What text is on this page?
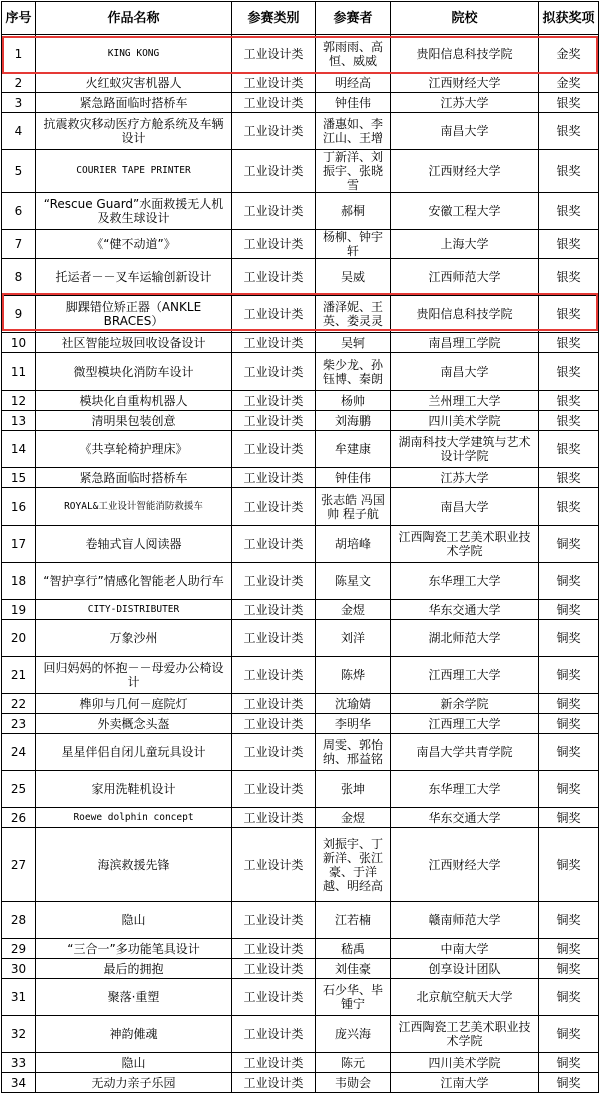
序号	作品名称	参赛类别	参赛者	院校	拟获奖项
1	KING KONG	工业设计类	郭雨雨、高恒、威威	贵阳信息科技学院	金奖
2	火红蚁灾害机器人	工业设计类	明经高	江西财经大学	金奖
3	紧急路面临时搭桥车	工业设计类	钟佳伟	江苏大学	银奖
4	抗震救灾移动医疗方舱系统及车辆设计	工业设计类	潘惠如、李江山、王增	南昌大学	银奖
5	COURIER TAPE PRINTER	工业设计类	丁新洋、刘振宇、张晓雪	江西财经大学	银奖
6	“Rescue Guard”水面救援无人机及救生球设计	工业设计类	郝桐	安徽工程大学	银奖
7	《“健不动道”》	工业设计类	杨柳、钟宇轩	上海大学	银奖
8	托运者－－叉车运输创新设计	工业设计类	吴威	江西师范大学	银奖
9	脚踝错位矫正器（ANKLE BRACES）	工业设计类	潘泽妮、王英、娄灵灵	贵阳信息科技学院	银奖
10	社区智能垃圾回收设备设计	工业设计类	吴轲	南昌理工学院	银奖
11	微型模块化消防车设计	工业设计类	柴少龙、孙钰博、秦朗	南昌大学	银奖
12	模块化自重构机器人	工业设计类	杨帅	兰州理工大学	银奖
13	清明果包装创意	工业设计类	刘海鹏	四川美术学院	银奖
14	《共享轮椅护理床》	工业设计类	牟建康	湖南科技大学建筑与艺术设计学院	银奖
15	紧急路面临时搭桥车	工业设计类	钟佳伟	江苏大学	银奖
16	ROYAL&工业设计智能消防救援车	工业设计类	张志皓 冯国帅 程子航	南昌大学	银奖
17	卷轴式盲人阅读器	工业设计类	胡培峰	江西陶瓷工艺美术职业技术学院	铜奖
18	“智护享行”情感化智能老人助行车	工业设计类	陈星文	东华理工大学	铜奖
19	CITY-DISTRIBUTER	工业设计类	金煜	华东交通大学	铜奖
20	万象沙州	工业设计类	刘洋	湖北师范大学	铜奖
21	回归妈妈的怀抱－－母爱办公椅设计	工业设计类	陈烨	江西理工大学	铜奖
22	榫卯与几何－庭院灯	工业设计类	沈瑜婧	新余学院	铜奖
23	外卖概念头盔	工业设计类	李明华	江西理工大学	铜奖
24	星星伴侣自闭儿童玩具设计	工业设计类	周雯、郭怡纳、邢益铭	南昌大学共青学院	铜奖
25	家用洗鞋机设计	工业设计类	张坤	东华理工大学	铜奖
26	Roewe dolphin concept	工业设计类	金煜	华东交通大学	铜奖
27	海滨救援先锋	工业设计类	刘振宇、丁新洋、张江豪、于洋越、明经高	江西财经大学	铜奖
28	隐山	工业设计类	江若楠	赣南师范大学	铜奖
29	“三合一”多功能笔具设计	工业设计类	嵇禹	中南大学	铜奖
30	最后的拥抱	工业设计类	刘佳豪	创享设计团队	铜奖
31	聚落·重塑	工业设计类	石少华、毕锺宁	北京航空航天大学	铜奖
32	神韵傩魂	工业设计类	庞兴海	江西陶瓷工艺美术职业技术学院	铜奖
33	隐山	工业设计类	陈元	四川美术学院	铜奖
34	无动力亲子乐园	工业设计类	韦勋会	江南大学	铜奖
